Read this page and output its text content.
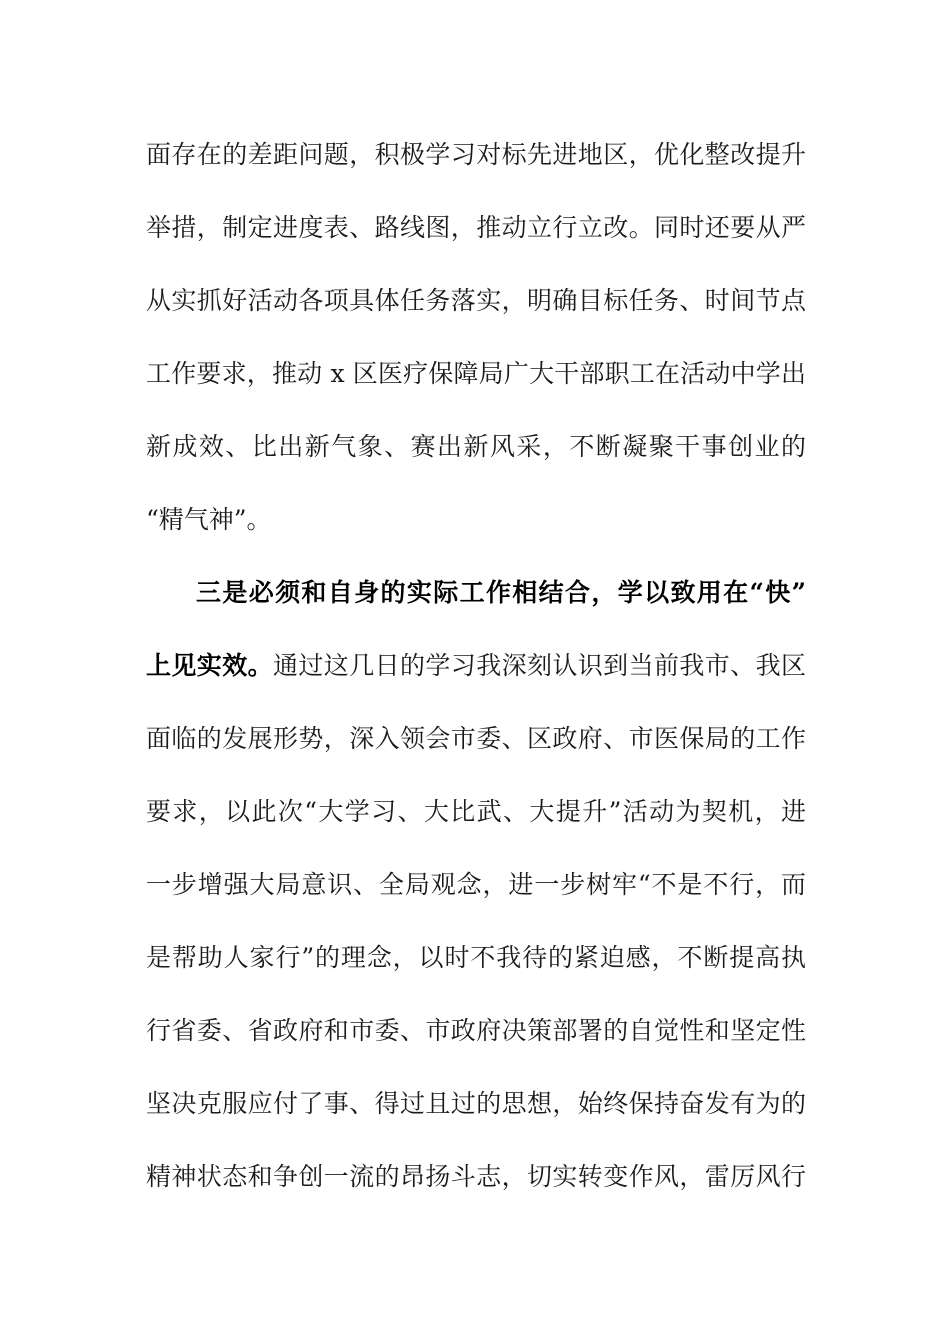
面存在的差距问题，积极学习对标先进地区，优化整改提升
举措，制定进度表、路线图，推动立行立改。同时还要从严
从实抓好活动各项具体任务落实，明确目标任务、时间节点
工作要求，推动 x 区医疗保障局广大干部职工在活动中学出
新成效、比出新气象、赛出新风采，不断凝聚干事创业的
“精气神”。
三是必须和自身的实际工作相结合，学以致用在“快”
上见实效。通过这几日的学习我深刻认识到当前我市、我区
面临的发展形势，深入领会市委、区政府、市医保局的工作
要求，以此次“大学习、大比武、大提升”活动为契机，进
一步增强大局意识、全局观念，进一步树牢“不是不行，而
是帮助人家行”的理念，以时不我待的紧迫感，不断提高执
行省委、省政府和市委、市政府决策部署的自觉性和坚定性
坚决克服应付了事、得过且过的思想，始终保持奋发有为的
精神状态和争创一流的昂扬斗志，切实转变作风，雷厉风行
